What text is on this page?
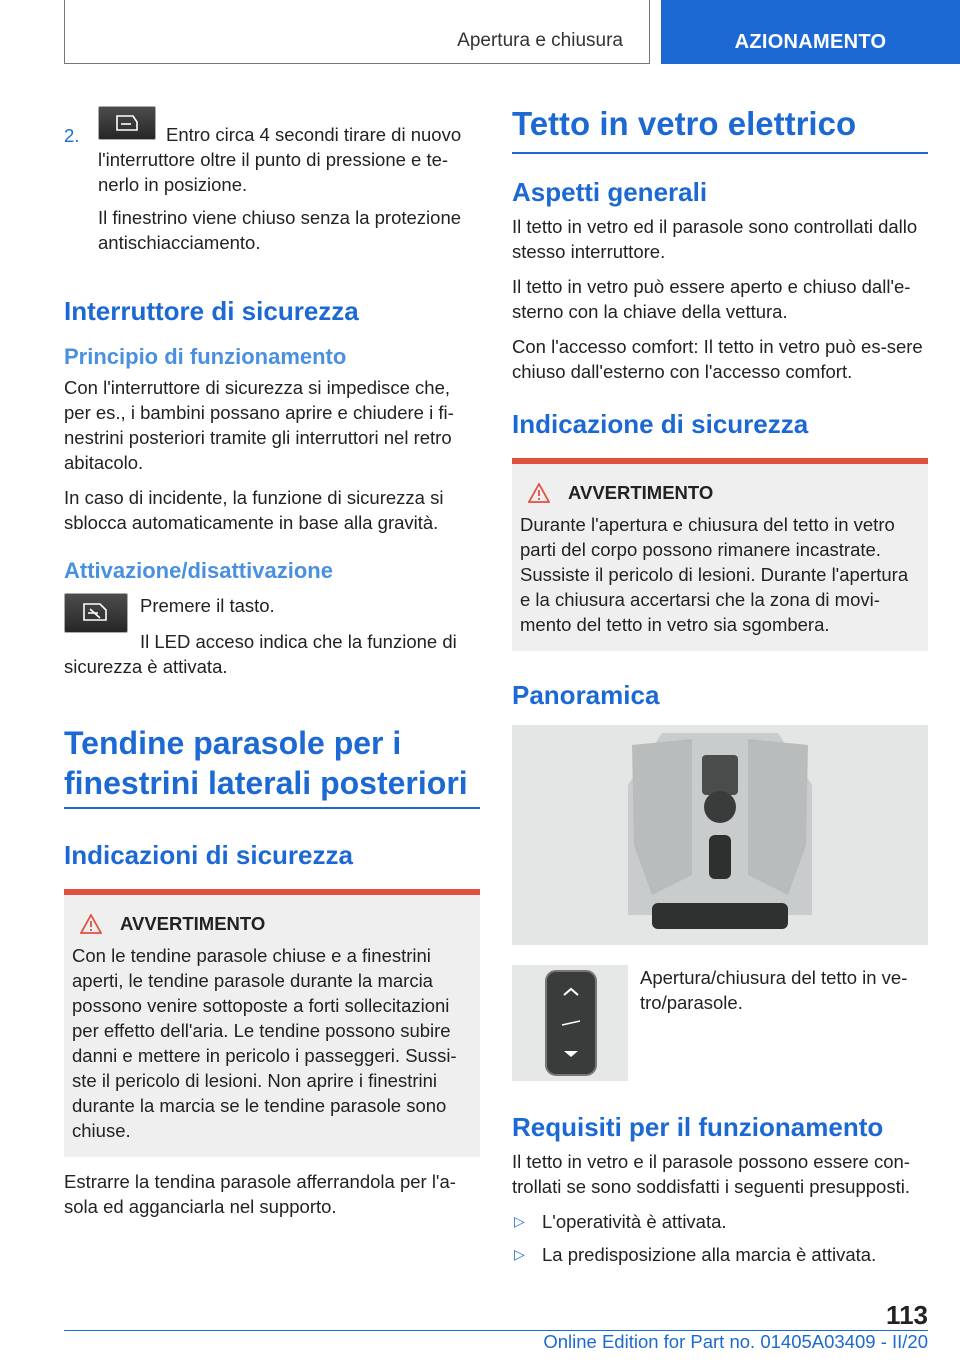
Apertura e chiusura	AZIONAMENTO
2.	Entro circa 4 secondi tirare di nuovo l'interruttore oltre il punto di pressione e te-nerlo in posizione.

Il finestrino viene chiuso senza la protezione antischiacciamento.

Interruttore di sicurezza
Principio di funzionamento

Con l'interruttore di sicurezza si impedisce che, per es., i bambini possano aprire e chiudere i fi-nestrini posteriori tramite gli interruttori nel retro abitacolo.

In caso di incidente, la funzione di sicurezza si sblocca automaticamente in base alla gravità.

Attivazione/disattivazione

Premere il tasto.

Il LED acceso indica che la funzione di sicurezza è attivata.

Tendine parasole per i finestrini laterali posteriori
Indicazioni di sicurezza
AVVERTIMENTO

Con le tendine parasole chiuse e a finestrini aperti, le tendine parasole durante la marcia possono venire sottoposte a forti sollecitazioni per effetto dell'aria. Le tendine possono subire danni e mettere in pericolo i passeggeri. Sussi-ste il pericolo di lesioni. Non aprire i finestrini durante la marcia se le tendine parasole sono chiuse.

Estrarre la tendina parasole afferrandola per l'a-sola ed agganciarla nel supporto.

Tetto in vetro elettrico
Aspetti generali

Il tetto in vetro ed il parasole sono controllati dallo stesso interruttore.

Il tetto in vetro può essere aperto e chiuso dall'e-sterno con la chiave della vettura.

Con l'accesso comfort: Il tetto in vetro può es-sere chiuso dall'esterno con l'accesso comfort.

Indicazione di sicurezza
AVVERTIMENTO

Durante l'apertura e chiusura del tetto in vetro parti del corpo possono rimanere incastrate. Sussiste il pericolo di lesioni. Durante l'apertura e la chiusura accertarsi che la zona di movi-mento del tetto in vetro sia sgombera.

Panoramica

Apertura/chiusura del tetto in ve-tro/parasole.

Requisiti per il funzionamento

Il tetto in vetro e il parasole possono essere con-trollati se sono soddisfatti i seguenti presupposti.

▷ L'operatività è attivata.
▷ La predisposizione alla marcia è attivata.
113
Online Edition for Part no. 01405A03409 - II/20
